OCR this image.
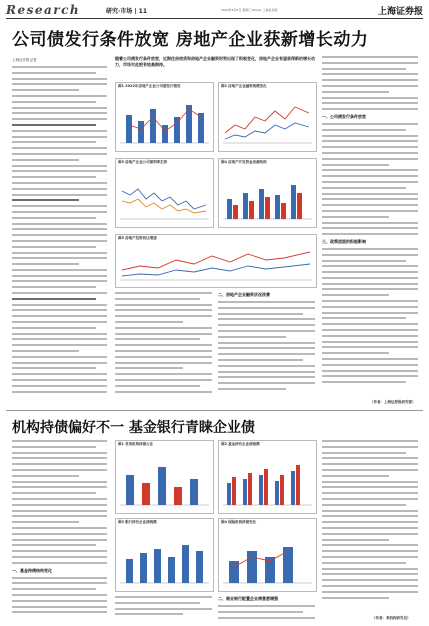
Research	研究·市场 | 11	2023年4月5日 星期三 Email: 上海证券报	上海证券报
公司债发行条件放宽 房地产企业获新增长动力
上海证券报记者	随着公司债发行条件放宽，近期住房信贷和房地产企业融资形势出现了积极变化，房地产企业有望获得新的增长动力，市场对此抱有较高期待。
图1 2022年房地产企业公司债发行情况	图2 房地产企业融资规模变化
图3 房地产企业公司债利率走势	图4 房地产开发资金来源结构
图5 房地产投资同比增速
二、房地产企业融资状况改善
一、公司债发行条件放宽
三、政策层面的积极影响
（作者：上海证券报研究部）
机构持债偏好不一 基金银行青睐企业债
一、基金持债结构变化
图1 各类机构持债占比	图2 基金持有企业债规模
图3 银行持有企业债规模	图4 保险机构持债变化
二、商业银行配置企业债意愿增强
（作者：某机构研究员）
